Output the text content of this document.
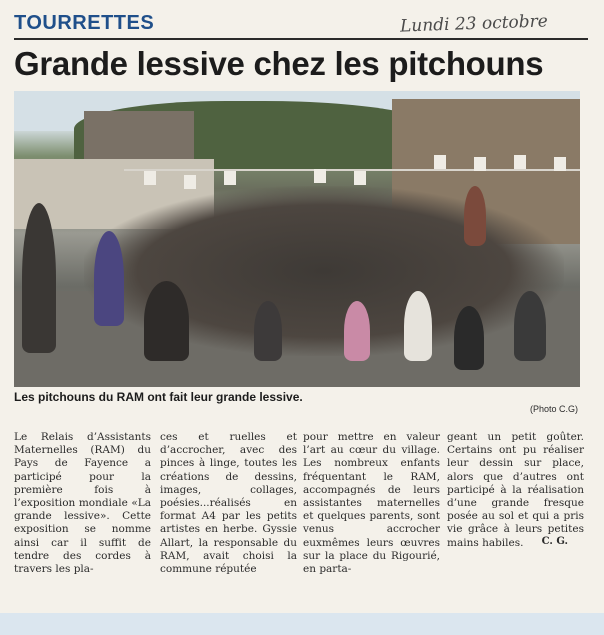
TOURRETTES	Lundi 23 octobre
Grande lessive chez les pitchouns
Les pitchouns du RAM ont fait leur grande lessive.
(Photo C.G)

Le Relais d’Assistants Maternelles (RAM) du Pays de Fayence a participé pour la première fois à l’exposition mondiale «La grande lessive». Cette exposition se nomme ainsi car il suffit de tendre des cordes à travers les pla-

ces et ruelles et d’accrocher, avec des pinces à linge, toutes les créations de dessins, images, collages, poésies...réalisés en format A4 par les petits artistes en herbe. Gyssie Allart, la responsable du RAM, avait choisi la commune réputée

pour mettre en valeur l’art au cœur du village. Les nombreux enfants fréquentant le RAM, accompagnés de leurs assistantes maternelles et quelques parents, sont venus accrocher euxmêmes leurs œuvres sur la place du Rigourié, en parta-

geant un petit goûter. Certains ont pu réaliser leur dessin sur place, alors que d’autres ont participé à la réalisation d’une grande fresque posée au sol et qui a pris vie grâce à leurs petites mains habiles.	C. G.
